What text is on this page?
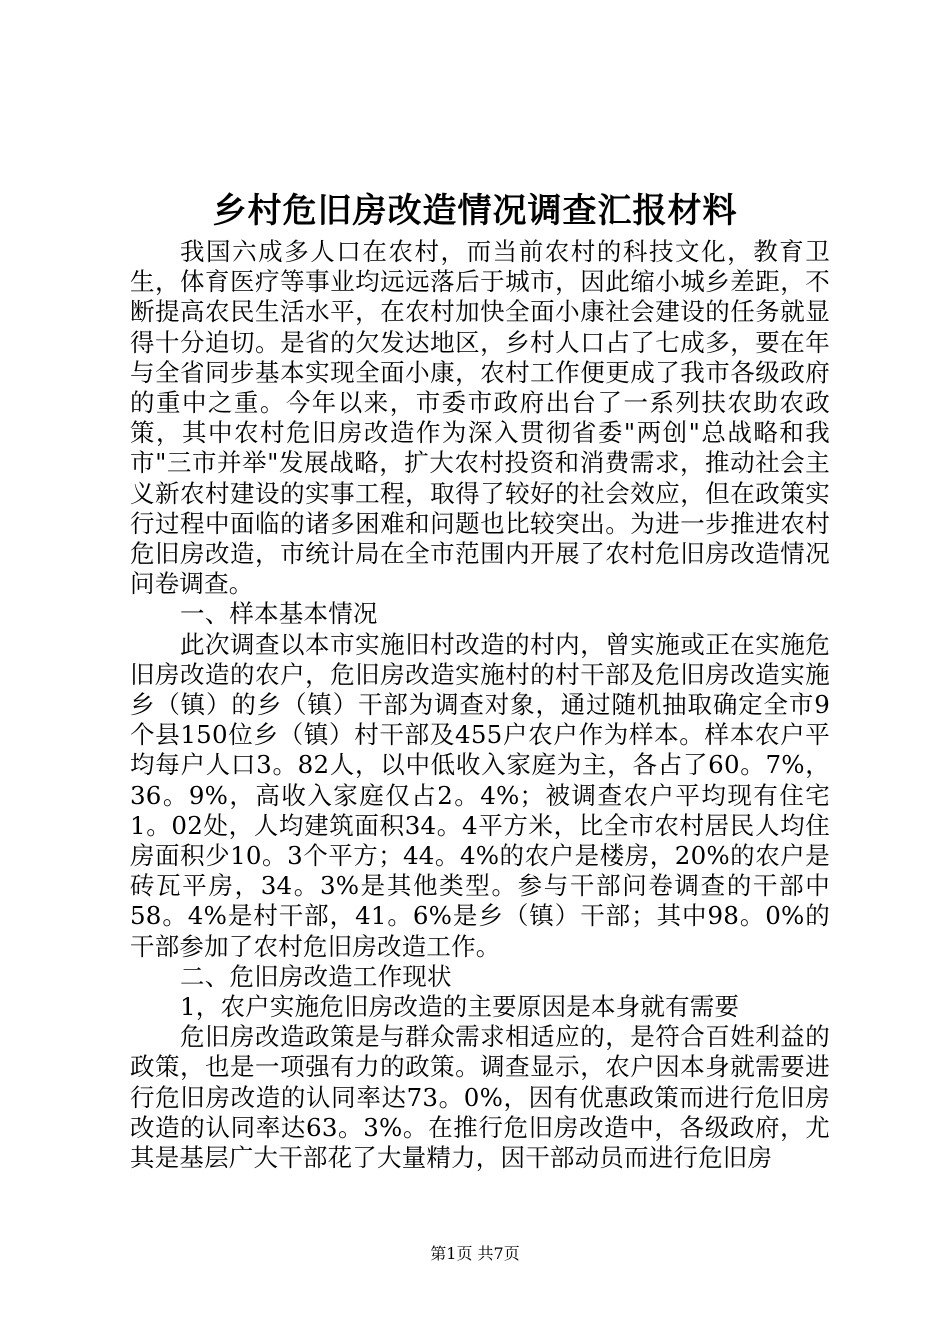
乡村危旧房改造情况调查汇报材料

我国六成多人口在农村，而当前农村的科技文化，教育卫生，体育医疗等事业均远远落后于城市，因此缩小城乡差距，不断提高农民生活水平，在农村加快全面小康社会建设的任务就显得十分迫切。是省的欠发达地区，乡村人口占了七成多，要在年与全省同步基本实现全面小康，农村工作便更成了我市各级政府的重中之重。今年以来，市委市政府出台了一系列扶农助农政策，其中农村危旧房改造作为深入贯彻省委"两创"总战略和我市"三市并举"发展战略，扩大农村投资和消费需求，推动社会主义新农村建设的实事工程，取得了较好的社会效应，但在政策实行过程中面临的诸多困难和问题也比较突出。为进一步推进农村危旧房改造，市统计局在全市范围内开展了农村危旧房改造情况问卷调查。

一、样本基本情况

此次调查以本市实施旧村改造的村内，曾实施或正在实施危旧房改造的农户，危旧房改造实施村的村干部及危旧房改造实施乡（镇）的乡（镇）干部为调查对象，通过随机抽取确定全市9个县150位乡（镇）村干部及455户农户作为样本。样本农户平均每户人口3。82人，以中低收入家庭为主，各占了60。7%，36。9%，高收入家庭仅占2。4%；被调查农户平均现有住宅1。02处，人均建筑面积34。4平方米，比全市农村居民人均住房面积少10。3个平方；44。4%的农户是楼房，20%的农户是砖瓦平房，34。3%是其他类型。参与干部问卷调查的干部中58。4%是村干部，41。6%是乡（镇）干部；其中98。0%的干部参加了农村危旧房改造工作。

二、危旧房改造工作现状

1，农户实施危旧房改造的主要原因是本身就有需要

危旧房改造政策是与群众需求相适应的，是符合百姓利益的政策，也是一项强有力的政策。调查显示，农户因本身就需要进行危旧房改造的认同率达73。0%，因有优惠政策而进行危旧房改造的认同率达63。3%。在推行危旧房改造中，各级政府，尤其是基层广大干部花了大量精力，因干部动员而进行危旧房

第1页 共7页
